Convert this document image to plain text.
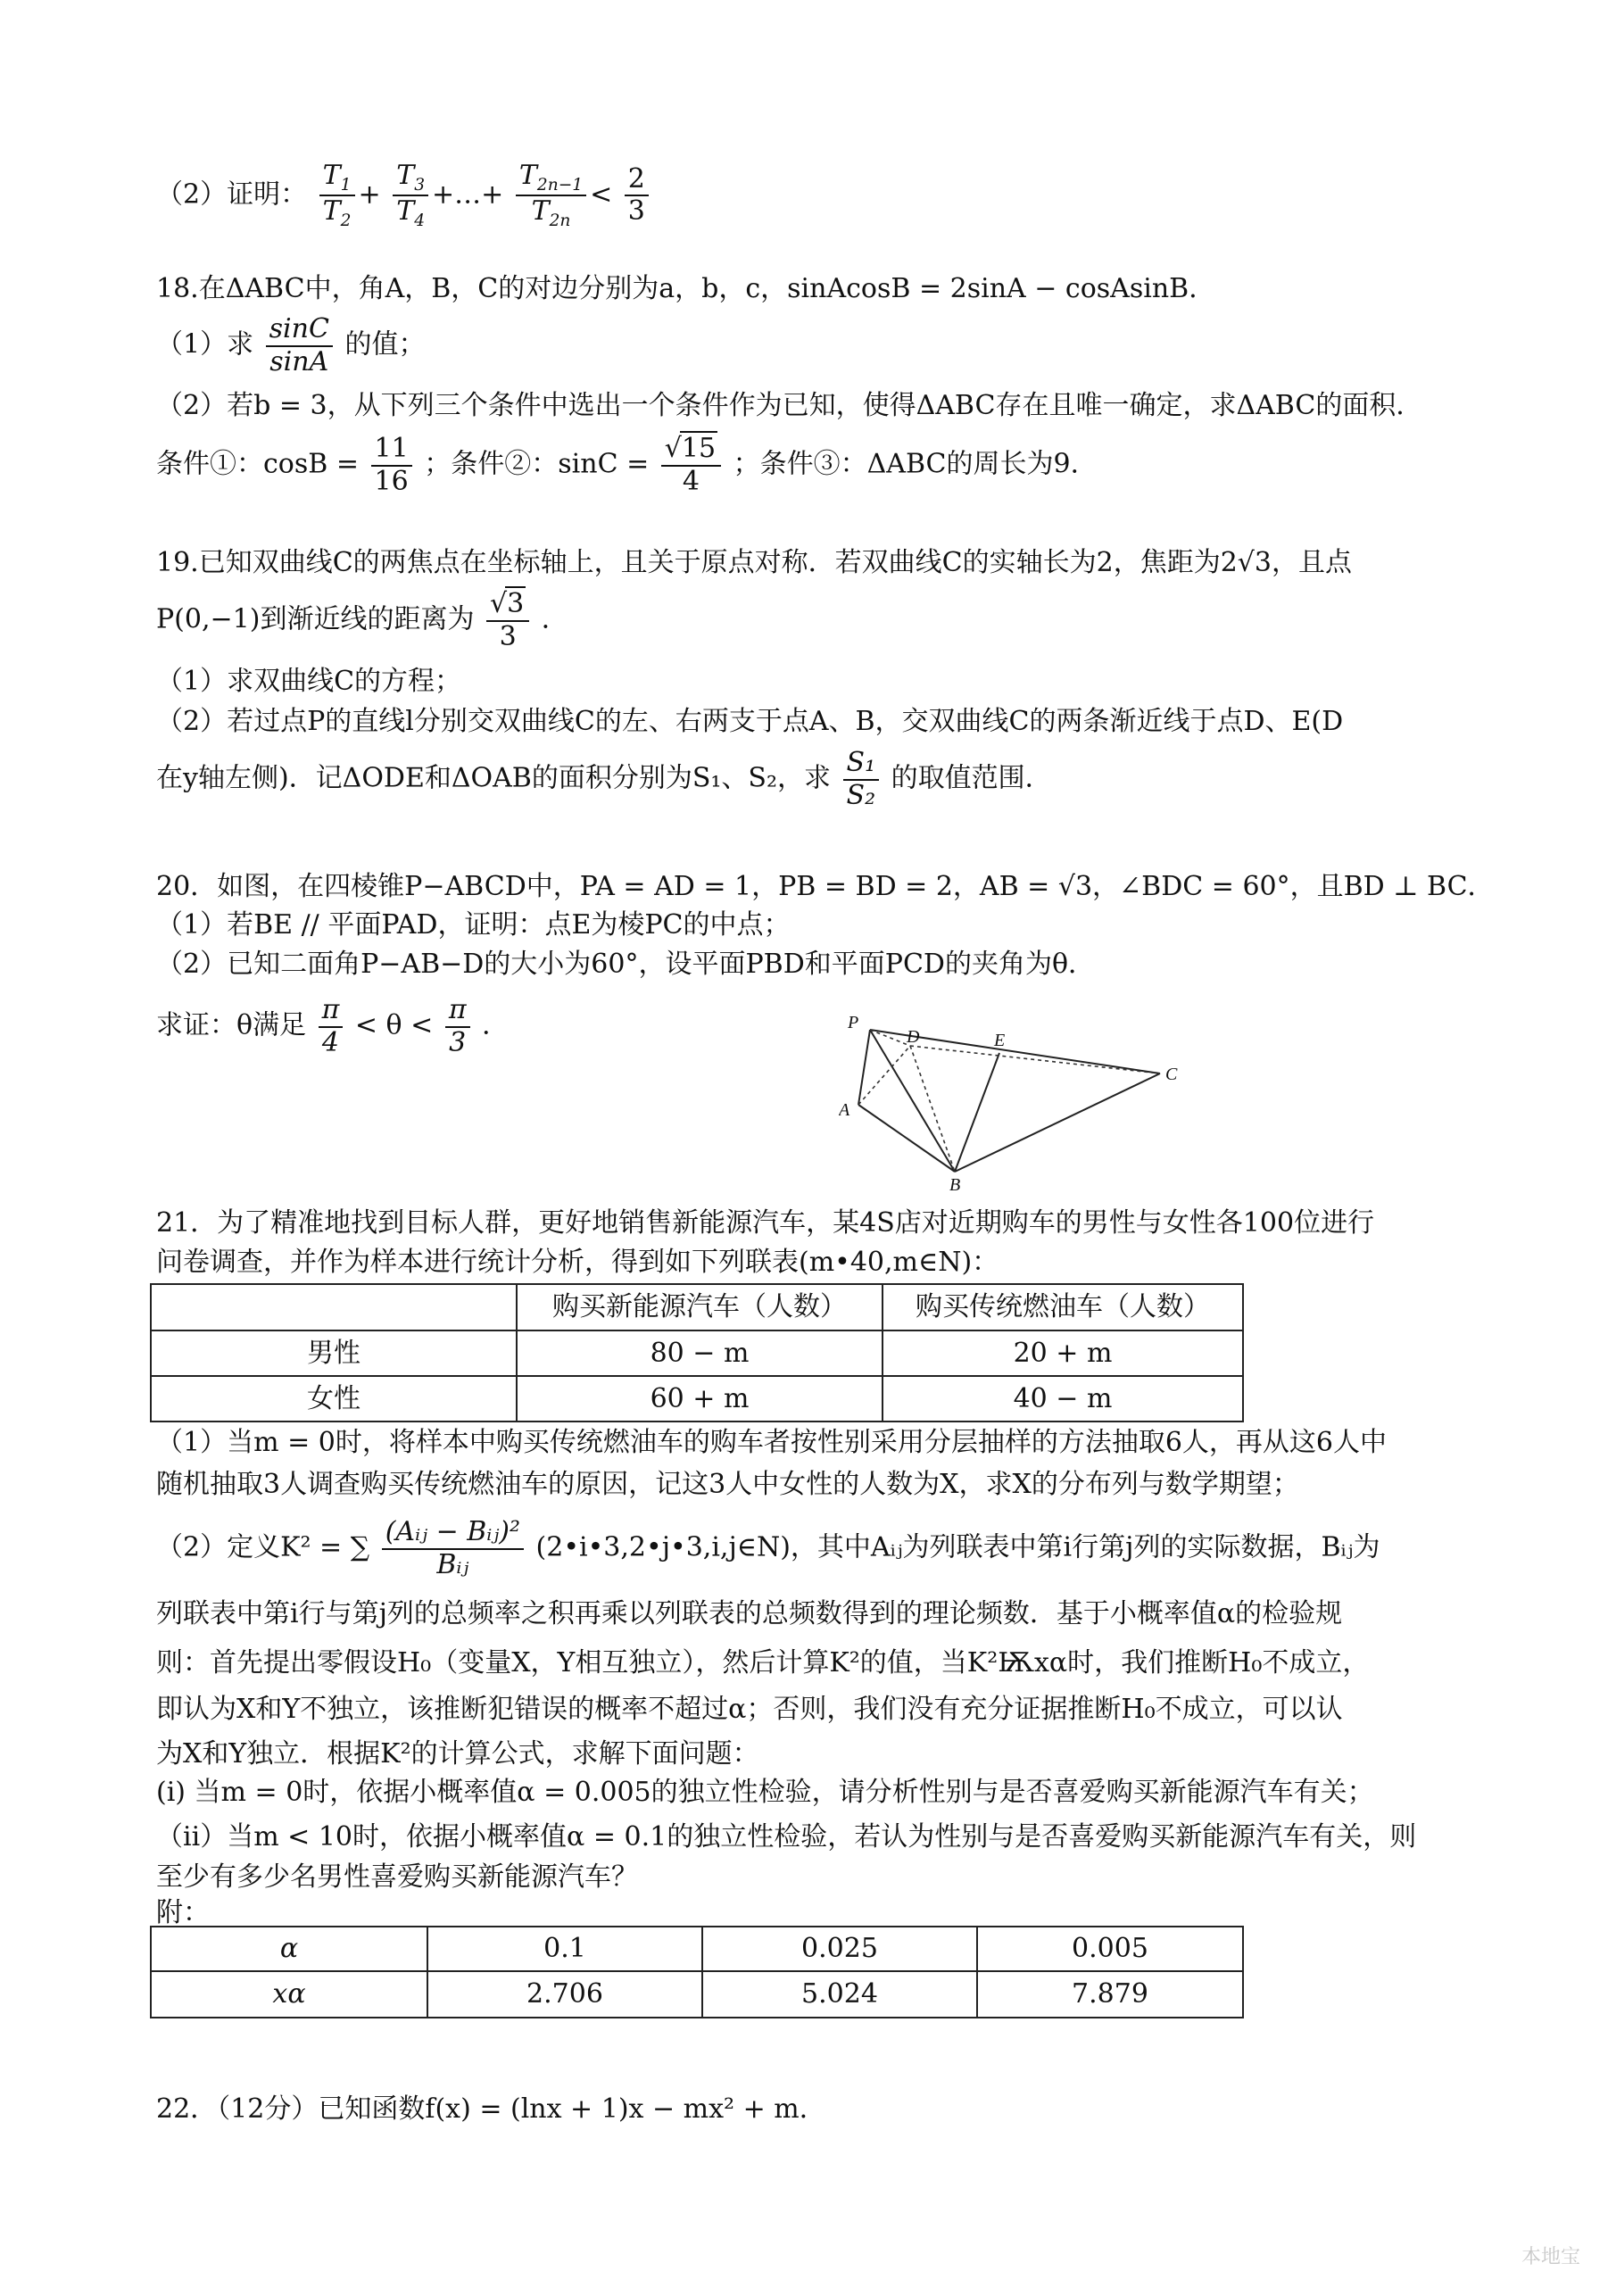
（2）证明： $\frac{T_1}{T_2} + \frac{T_3}{T_4}$ +…+ $\frac{T_{2n-1}}{T_{2n}} < \frac{2}{3}$
18.在ΔABC中，角A，B，C的对边分别为a，b，c，sinAcosB = 2sinA − cosAsinB．
（1）求 $\frac{\sin C}{\sin A}$ 的值；
（2）若b = 3，从下列三个条件中选出一个条件作为已知，使得ΔABC存在且唯一确定，求ΔABC的面积．
条件①：$\cos B = \frac{11}{16}$ ；条件②：$\sin C = \frac{√15}{4}$ ；条件③：ΔABC的周长为9．
19.已知双曲线C的两焦点在坐标轴上，且关于原点对称．若双曲线C的实轴长为2，焦距为2√3，且点
P(0,−1)到渐近线的距离为 $\frac{√3}{3}$ ．
（1）求双曲线C的方程；
（2）若过点P的直线l分别交双曲线C的左、右两支于点A、B，交双曲线C的两条渐近线于点D、E(D
在y轴左侧)．记ΔODE和ΔOAB的面积分别为S₁、S₂，求 $\frac{\text{S₁}}{\text{S₂}}$ 的取值范围．
20．如图，在四棱锥P−ABCD中，PA = AD = 1，PB = BD = 2，AB = √3，∠BDC = 60°，且BD ⊥ BC．
（1）若BE // 平面PAD，证明：点E为棱PC的中点；
（2）已知二面角P−AB−D的大小为60°，设平面PBD和平面PCD的夹角为θ．
求证：θ满足 $\frac{\pi}{4} < \theta < \frac{\pi}{3}$ ．	P
D	E
C
A
B
21．为了精准地找到目标人群，更好地销售新能源汽车，某4S店对近期购车的男性与女性各100位进行
问卷调查，并作为样本进行统计分析，得到如下列联表(m•40,m∈N)：
	购买新能源汽车（人数）	购买传统燃油车（人数）
男性	80 − m	20 + m
女性	60 + m	40 − m
（1）当m = 0时，将样本中购买传统燃油车的购车者按性别采用分层抽样的方法抽取6人，再从这6人中
随机抽取3人调查购买传统燃油车的原因，记这3人中女性的人数为X，求X的分布列与数学期望；
（2）定义K² = ∑ $\frac{\text{(Aᵢⱼ − Bᵢⱼ)²}}{\text{Bᵢⱼ}}$ (2•i•3,2•j•3,i,j∈N)，其中Aᵢⱼ为列联表中第i行第j列的实际数据，Bᵢⱼ为
列联表中第i行与第j列的总频率之积再乘以列联表的总频数得到的理论频数．基于小概率值α的检验规
则：首先提出零假设H₀（变量X，Y相互独立），然后计算K²的值，当K²Ѭxα时，我们推断H₀不成立，
即认为X和Y不独立，该推断犯错误的概率不超过α；否则，我们没有充分证据推断H₀不成立，可以认
为X和Y独立．根据K²的计算公式，求解下面问题：
(i) 当m = 0时，依据小概率值α = 0.005的独立性检验，请分析性别与是否喜爱购买新能源汽车有关；
（ii）当m < 10时，依据小概率值α = 0.1的独立性检验，若认为性别与是否喜爱购买新能源汽车有关，则
至少有多少名男性喜爱购买新能源汽车？
附：
α	0.1	0.025	0.005
xα	2.706	5.024	7.879
22．（12分）已知函数f(x) = (lnx + 1)x − mx² + m．
本地宝
